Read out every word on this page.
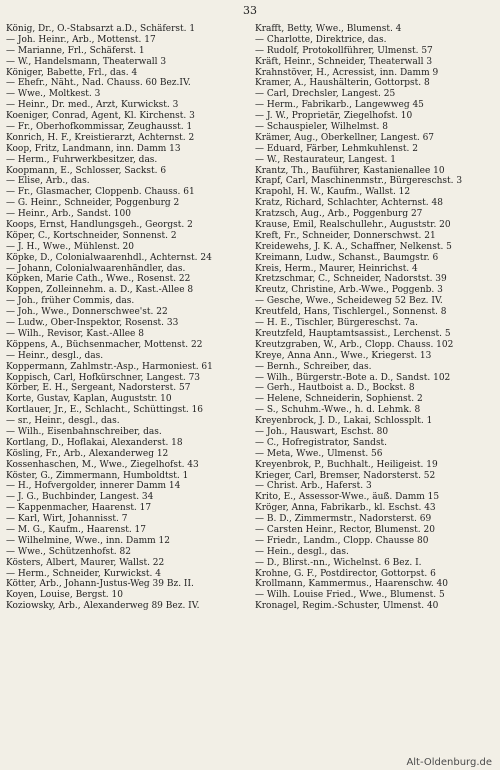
33
König, Dr., O.-Stabsarzt a.D., Schäferst. 1
— Joh. Heinr., Arb., Mottenst. 17
— Marianne, Frl., Schäferst. 1
— W., Handelsmann, Theaterwall 3
Königer, Babette, Frl., das. 4
— Ehefr., Näht., Nad. Chauss. 60 Bez.IV.
— Wwe., Moltkest. 3
— Heinr., Dr. med., Arzt, Kurwickst. 3
Koeniger, Conrad, Agent, Kl. Kirchenst. 3
— Fr., Oberhofkommissar, Zeughausst. 1
Konrich, H. F., Kreistierarzt, Achternst. 2
Koop, Fritz, Landmann, inn. Damm 13
— Herm., Fuhrwerkbesitzer, das.
Koopmann, E., Schlosser, Sackst. 6
— Elise, Arb., das.
— Fr., Glasmacher, Cloppenb. Chauss. 61
— G. Heinr., Schneider, Poggenburg 2
— Heinr., Arb., Sandst. 100
Koops, Ernst, Handlungsgeh., Georgst. 2
Köper, C., Kortschneider, Sonnenst. 2
— J. H., Wwe., Mühlenst. 20
Köpke, D., Colonialwaarenhdl., Achternst. 24
— Johann, Colonialwaarenhändler, das.
Köpken, Marie Cath., Wwe., Rosenst. 22
Koppen, Zolleinnehm. a. D., Kast.-Allee 8
— Joh., früher Commis, das.
— Joh., Wwe., Donnerschwee'st. 22
— Ludw., Ober-Inspektor, Rosenst. 33
— Wilh., Revisor, Kast.-Allee 8
Köppens, A., Büchsenmacher, Mottenst. 22
— Heinr., desgl., das.
Koppermann, Zahlmstr.-Asp., Harmoniest. 61
Koppisch, Carl, Hofkürschner, Langest. 73
Körber, E. H., Sergeant, Nadorsterst. 57
Korte, Gustav, Kaplan, Auguststr. 10
Kortlauer, Jr., E., Schlacht., Schüttingst. 16
— sr., Heinr., desgl., das.
— Wilh., Eisenbahnschreiber, das.
Kortlang, D., Hoflakai, Alexanderst. 18
Kösling, Fr., Arb., Alexanderweg 12
Kossenhaschen, M., Wwe., Ziegelhofst. 43
Köster, G., Zimmermann, Humboldtst. 1
— H., Hofvergolder, innerer Damm 14
— J. G., Buchbinder, Langest. 34
— Kappenmacher, Haarenst. 17
— Karl, Wirt, Johannisst. 7
— M. G., Kaufm., Haarenst. 17
— Wilhelmine, Wwe., inn. Damm 12
— Wwe., Schützenhofst. 82
Kösters, Albert, Maurer, Wallst. 22
— Herm., Schneider, Kurwickst. 4
Kötter, Arb., Johann-Justus-Weg 39 Bz. II.
Koyen, Louise, Bergst. 10
Koziowsky, Arb., Alexanderweg 89 Bez. IV.
Krafft, Betty, Wwe., Blumenst. 4
— Charlotte, Direktrice, das.
— Rudolf, Protokollführer, Ulmenst. 57
Kräft, Heinr., Schneider, Theaterwall 3
Krahnstöver, H., Acressist, inn. Damm 9
Kramer, A., Haushälterin, Gottorpst. 8
— Carl, Drechsler, Langest. 25
— Herm., Fabrikarb., Langewweg 45
— J. W., Proprietär, Ziegelhofst. 10
— Schauspieler, Wilhelmst. 8
Krämer, Aug., Oberkellner, Langest. 67
— Eduard, Färber, Lehmkuhlenst. 2
— W., Restaurateur, Langest. 1
Krantz, Th., Bauführer, Kastanienallee 10
Krapf, Carl, Maschinenmstr., Bürgereschst. 3
Krapohl, H. W., Kaufm., Wallst. 12
Kratz, Richard, Schlachter, Achternst. 48
Kratzsch, Aug., Arb., Poggenburg 27
Krause, Emil, Realschullehr., Auguststr. 20
Kreft, Fr., Schneider, Donnerschwst. 21
Kreidewehs, J. K. A., Schaffner, Nelkenst. 5
Kreimann, Ludw., Schanst., Baumgstr. 6
Kreis, Herm., Maurer, Heinrichst. 4
Kretzschmar, C., Schneider, Nadorstst. 39
Kreutz, Christine, Arb.-Wwe., Poggenb. 3
— Gesche, Wwe., Scheideweg 52 Bez. IV.
Kreutfeld, Hans, Tischlergel., Sonnenst. 8
— H. E., Tischler, Bürgereschst. 7a.
Kreutzfeld, Hauptamtsassist., Lerchenst. 5
Kreutzgraben, W., Arb., Clopp. Chauss. 102
Kreye, Anna Ann., Wwe., Kriegerst. 13
— Bernh., Schreiber, das.
— Wilh., Bürgerstr.-Bote a. D., Sandst. 102
— Gerh., Hautboist a. D., Bockst. 8
— Helene, Schneiderin, Sophienst. 2
— S., Schuhm.-Wwe., h. d. Lehmk. 8
Kreyenbrock, J. D., Lakai, Schlossplt. 1
— Joh., Hauswart, Eschst. 80
— C., Hofregistrator, Sandst.
— Meta, Wwe., Ulmenst. 56
Kreyenbrok, P., Buchhalt., Heiligeist. 19
Krieger, Carl, Bremser, Nadorsterst. 52
— Christ. Arb., Haferst. 3
Krito, E., Assessor-Wwe., äuß. Damm 15
Kröger, Anna, Fabrikarb., kl. Eschst. 43
— B. D., Zimmermstr., Nadorsterst. 69
— Carsten Heinr., Rector, Blumenst. 20
— Friedr., Landm., Clopp. Chausse 80
— Hein., desgl., das.
— D., Blirst.-nn., Wichelnst. 6 Bez. I.
Krohne, G. F., Postdirector, Gottorpst. 6
Krollmann, Kammermus., Haarenschw. 40
— Wilh. Louise Fried., Wwe., Blumenst. 5
Kronagel, Regim.-Schuster, Ulmenst. 40
Alt-Oldenburg.de
